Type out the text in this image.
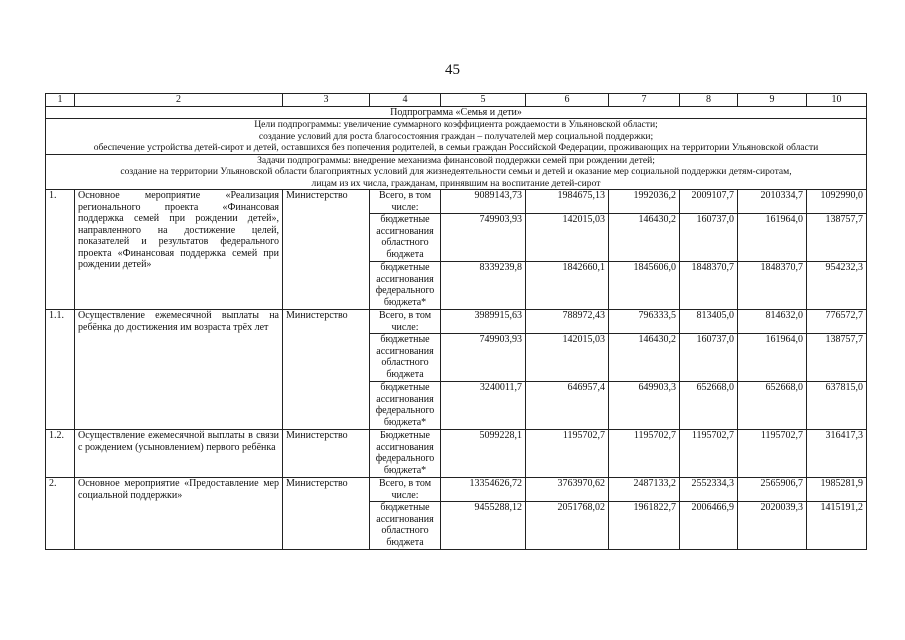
45
1	2	3	4	5	6	7	8	9	10
Подпрограмма «Семья и дети»									

Цели подпрограммы: увеличение суммарного коэффициента рождаемости в Ульяновской области;
создание условий для роста благосостояния граждан – получателей мер социальной поддержки;
обеспечение устройства детей-сирот и детей, оставшихся без попечения родителей, в семьи граждан Российской Федерации, проживающих на территории Ульяновской области									

Задачи подпрограммы: внедрение механизма финансовой поддержки семей при рождении детей;
создание на территории Ульяновской области благоприятных условий для жизнедеятельности семьи и детей и оказание мер социальной поддержки детям-сиротам,
лицам из их числа, гражданам, принявшим на воспитание детей-сирот									

1.	Основное мероприятие «Реализация регионального проекта «Финансовая поддержка семей при рождении детей», направленного на достижение целей, показателей и результатов федерального проекта «Финансовая поддержка семей при рождении детей»	Министерство	Всего, в том числе:	9089143,73	1984675,13	1992036,2	2009107,7	2010334,7	1092990,0
			бюджетные ассигнования областного бюджета	749903,93	142015,03	146430,2	160737,0	161964,0	138757,7
			бюджетные ассигнования федерального бюджета*	8339239,8	1842660,1	1845606,0	1848370,7	1848370,7	954232,3
1.1.	Осуществление ежемесячной выплаты на ребёнка до достижения им возраста трёх лет	Министерство	Всего, в том числе:	3989915,63	788972,43	796333,5	813405,0	814632,0	776572,7
			бюджетные ассигнования областного бюджета	749903,93	142015,03	146430,2	160737,0	161964,0	138757,7
			бюджетные ассигнования федерального бюджета*	3240011,7	646957,4	649903,3	652668,0	652668,0	637815,0
1.2.	Осуществление ежемесячной выплаты в связи с рождением (усыновлением) первого ребёнка	Министерство	Бюджетные ассигнования федерального бюджета*	5099228,1	1195702,7	1195702,7	1195702,7	1195702,7	316417,3
2.	Основное мероприятие «Предоставление мер социальной поддержки»	Министерство	Всего, в том числе:	13354626,72	3763970,62	2487133,2	2552334,3	2565906,7	1985281,9
			бюджетные ассигнования областного бюджета	9455288,12	2051768,02	1961822,7	2006466,9	2020039,3	1415191,2
